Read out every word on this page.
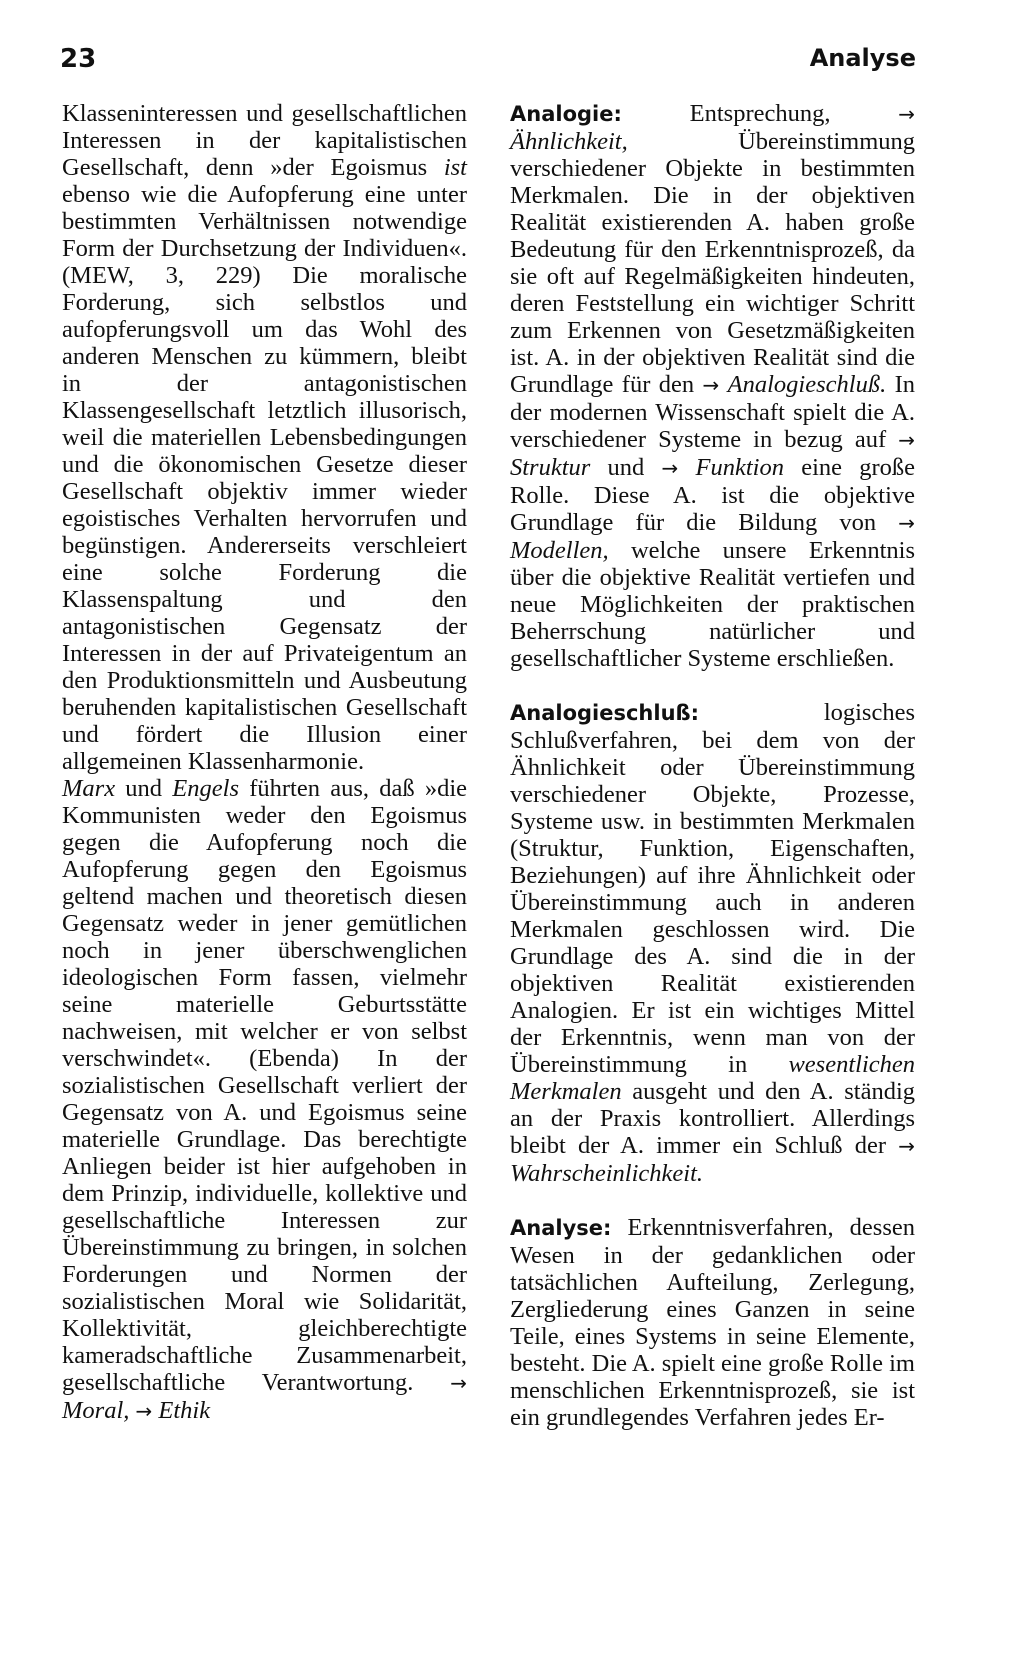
23	Analyse

Klasseninteressen und gesellschaftlichen Interessen in der kapitalistischen Gesellschaft, denn »der Egoismus ist ebenso wie die Aufopferung eine unter bestimmten Verhältnissen notwendige Form der Durchsetzung der Individuen«. (MEW, 3, 229) Die moralische Forderung, sich selbstlos und aufopferungsvoll um das Wohl des anderen Menschen zu kümmern, bleibt in der antagonistischen Klassengesellschaft letztlich illusorisch, weil die materiellen Lebensbedingungen und die ökonomischen Gesetze dieser Gesellschaft objektiv immer wieder egoistisches Verhalten hervorrufen und begünstigen. Andererseits verschleiert eine solche Forderung die Klassenspaltung und den antagonistischen Gegensatz der Interessen in der auf Privateigentum an den Produktionsmitteln und Ausbeutung beruhenden kapitalistischen Gesellschaft und fördert die Illusion einer allgemeinen Klassenharmonie.

Marx und Engels führten aus, daß »die Kommunisten weder den Egoismus gegen die Aufopferung noch die Aufopferung gegen den Egoismus geltend machen und theoretisch diesen Gegensatz weder in jener gemütlichen noch in jener überschwenglichen ideologischen Form fassen, vielmehr seine materielle Geburtsstätte nachweisen, mit welcher er von selbst verschwindet«. (Ebenda) In der sozialistischen Gesellschaft verliert der Gegensatz von A. und Egoismus seine materielle Grundlage. Das berechtigte Anliegen beider ist hier aufgehoben in dem Prinzip, individuelle, kollektive und gesellschaftliche Interessen zur Übereinstimmung zu bringen, in solchen Forderungen und Normen der sozialistischen Moral wie Solidarität, Kollektivität, gleichberechtigte kameradschaftliche Zusammenarbeit, gesellschaftliche Verantwortung. → Moral, → Ethik

Analogie: Entsprechung, → Ähnlichkeit, Übereinstimmung verschiedener Objekte in bestimmten Merkmalen. Die in der objektiven Realität existierenden A. haben große Bedeutung für den Erkenntnisprozeß, da sie oft auf Regelmäßigkeiten hindeuten, deren Feststellung ein wichtiger Schritt zum Erkennen von Gesetzmäßigkeiten ist. A. in der objektiven Realität sind die Grundlage für den → Analogieschluß. In der modernen Wissenschaft spielt die A. verschiedener Systeme in bezug auf → Struktur und → Funktion eine große Rolle. Diese A. ist die objektive Grundlage für die Bildung von → Modellen, welche unsere Erkenntnis über die objektive Realität vertiefen und neue Möglichkeiten der praktischen Beherrschung natürlicher und gesellschaftlicher Systeme erschließen.

Analogieschluß: logisches Schlußverfahren, bei dem von der Ähnlichkeit oder Übereinstimmung verschiedener Objekte, Prozesse, Systeme usw. in bestimmten Merkmalen (Struktur, Funktion, Eigenschaften, Beziehungen) auf ihre Ähnlichkeit oder Übereinstimmung auch in anderen Merkmalen geschlossen wird. Die Grundlage des A. sind die in der objektiven Realität existierenden Analogien. Er ist ein wichtiges Mittel der Erkenntnis, wenn man von der Übereinstimmung in wesentlichen Merkmalen ausgeht und den A. ständig an der Praxis kontrolliert. Allerdings bleibt der A. immer ein Schluß der → Wahrscheinlichkeit.

Analyse: Erkenntnisverfahren, dessen Wesen in der gedanklichen oder tatsächlichen Aufteilung, Zerlegung, Zergliederung eines Ganzen in seine Teile, eines Systems in seine Elemente, besteht. Die A. spielt eine große Rolle im menschlichen Erkenntnisprozeß, sie ist ein grundlegendes Verfahren jedes Er-
